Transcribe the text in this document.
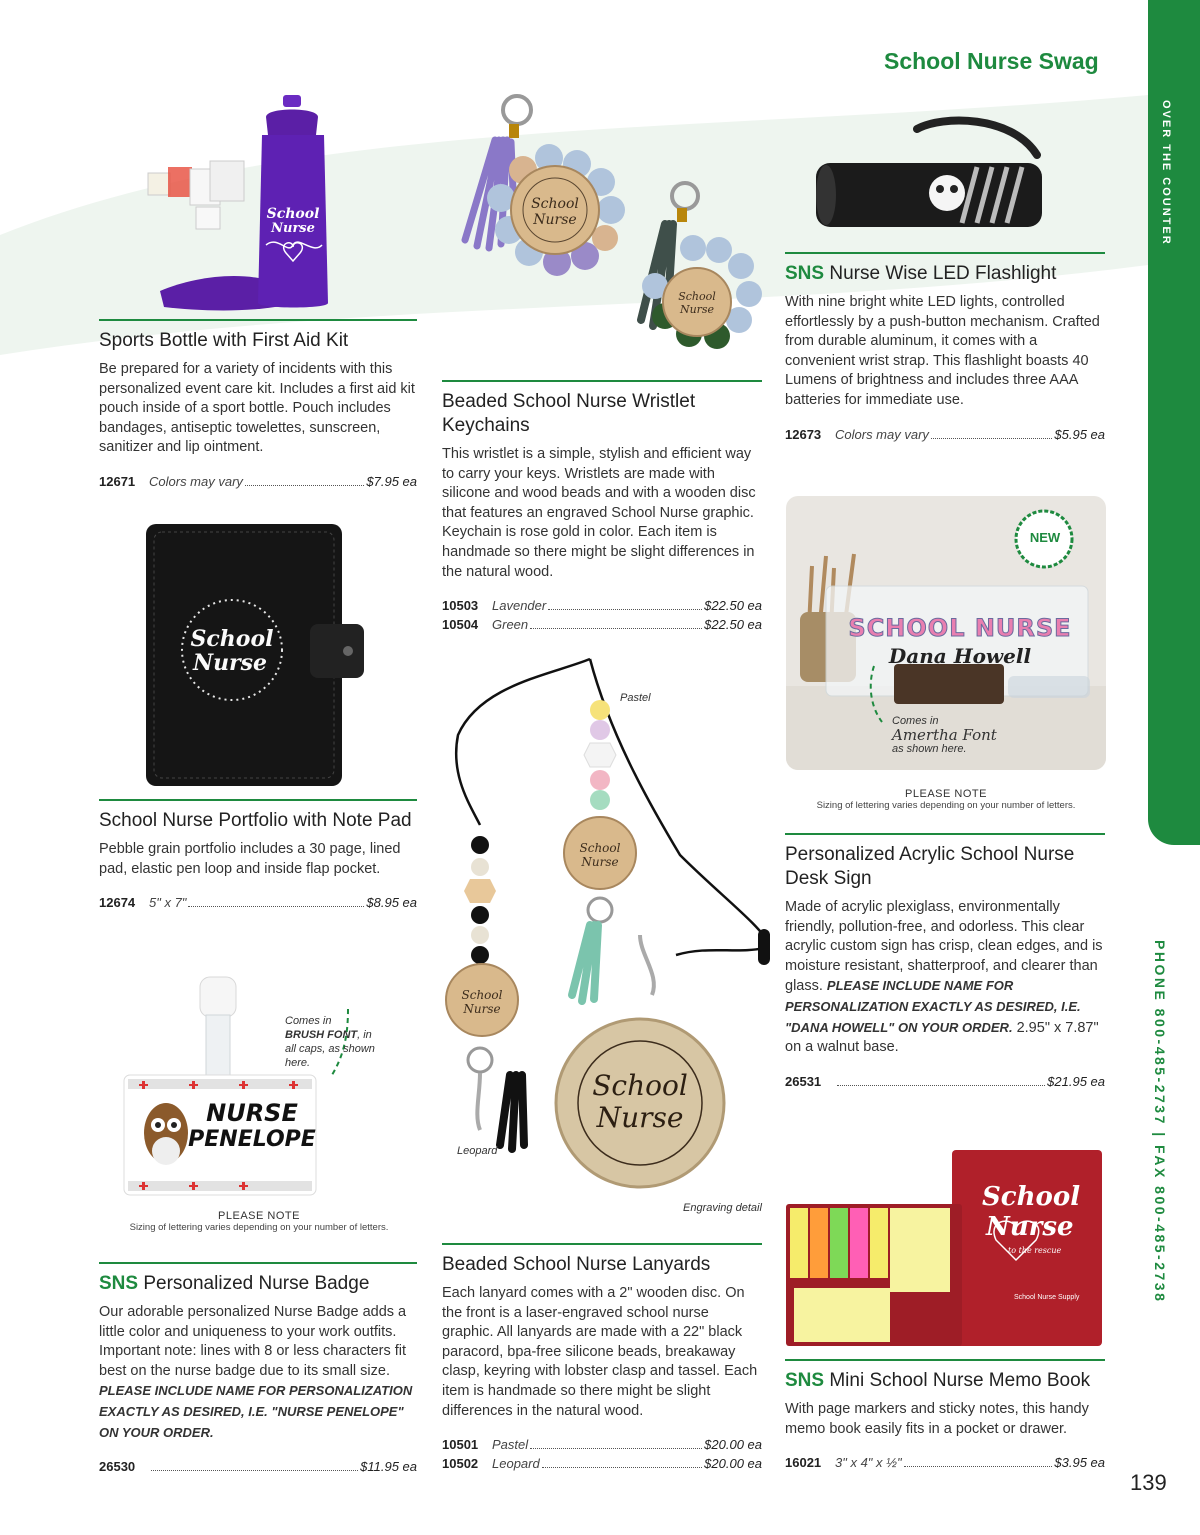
OVER THE COUNTER
PHONE 800-485-2737 | FAX 800-485-2738
School Nurse Swag
139
School
Nurse
School
Nurse
School
Nurse
School
Nurse
NEW
SCHOOL NURSE
Dana Howell
Comes in
Amertha Font
as shown here.
PLEASE NOTE
Sizing of lettering varies depending on your number of letters.
School
Nurse
School
Nurse
School
Nurse
Pastel
Leopard
Engraving detail
NURSE
PENELOPE
Comes in
BRUSH FONT, in all caps, as shown here.
PLEASE NOTE
Sizing of lettering varies depending on your number of letters.
School
Nurse
to the rescue
School Nurse Supply
Sports Bottle with First Aid Kit
Be prepared for a variety of incidents with this personalized event care kit. Includes a first aid kit pouch inside of a sport bottle. Pouch includes bandages, antiseptic towelettes, sunscreen, sanitizer and lip ointment.
12671	Colors may vary	$7.95 ea
Beaded School Nurse Wristlet Keychains
This wristlet is a simple, stylish and efficient way to carry your keys. Wristlets are made with silicone and wood beads and with a wooden disc that features an engraved School Nurse graphic. Keychain is rose gold in color. Each item is handmade so there might be slight differences in the natural wood.
10503	Lavender	$22.50 ea
10504	Green	$22.50 ea
SNS Nurse Wise LED Flashlight
With nine bright white LED lights, controlled effortlessly by a push-button mechanism. Crafted from durable aluminum, it comes with a convenient wrist strap. This flashlight boasts 40 Lumens of brightness and includes three AAA batteries for immediate use.
12673	Colors may vary	$5.95 ea
School Nurse Portfolio with Note Pad
Pebble grain portfolio includes a 30 page, lined pad, elastic pen loop and inside flap pocket.
12674	5" x 7"	$8.95 ea
Personalized Acrylic School Nurse Desk Sign
Made of acrylic plexiglass, environmentally friendly, pollution-free, and odorless. This clear acrylic custom sign has crisp, clean edges, and is moisture resistant, shatterproof, and clearer than glass. PLEASE INCLUDE NAME FOR PERSONALIZATION EXACTLY AS DESIRED, I.E. "DANA HOWELL" ON YOUR ORDER. 2.95" x 7.87" on a walnut base.
26531	$21.95 ea
Beaded School Nurse Lanyards
Each lanyard comes with a 2" wooden disc. On the front is a laser-engraved school nurse graphic. All lanyards are made with a 22" black paracord, bpa-free silicone beads, breakaway clasp, keyring with lobster clasp and tassel. Each item is handmade so there might be slight differences in the natural wood.
10501	Pastel	$20.00 ea
10502	Leopard	$20.00 ea
SNS Personalized Nurse Badge
Our adorable personalized Nurse Badge adds a little color and uniqueness to your work outfits. Important note: lines with 8 or less characters fit best on the nurse badge due to its small size. PLEASE INCLUDE NAME FOR PERSONALIZATION EXACTLY AS DESIRED, I.E. "NURSE PENELOPE" ON YOUR ORDER.
26530	$11.95 ea
SNS Mini School Nurse Memo Book
With page markers and sticky notes, this handy memo book easily fits in a pocket or drawer.
16021	3" x 4" x ½"	$3.95 ea
